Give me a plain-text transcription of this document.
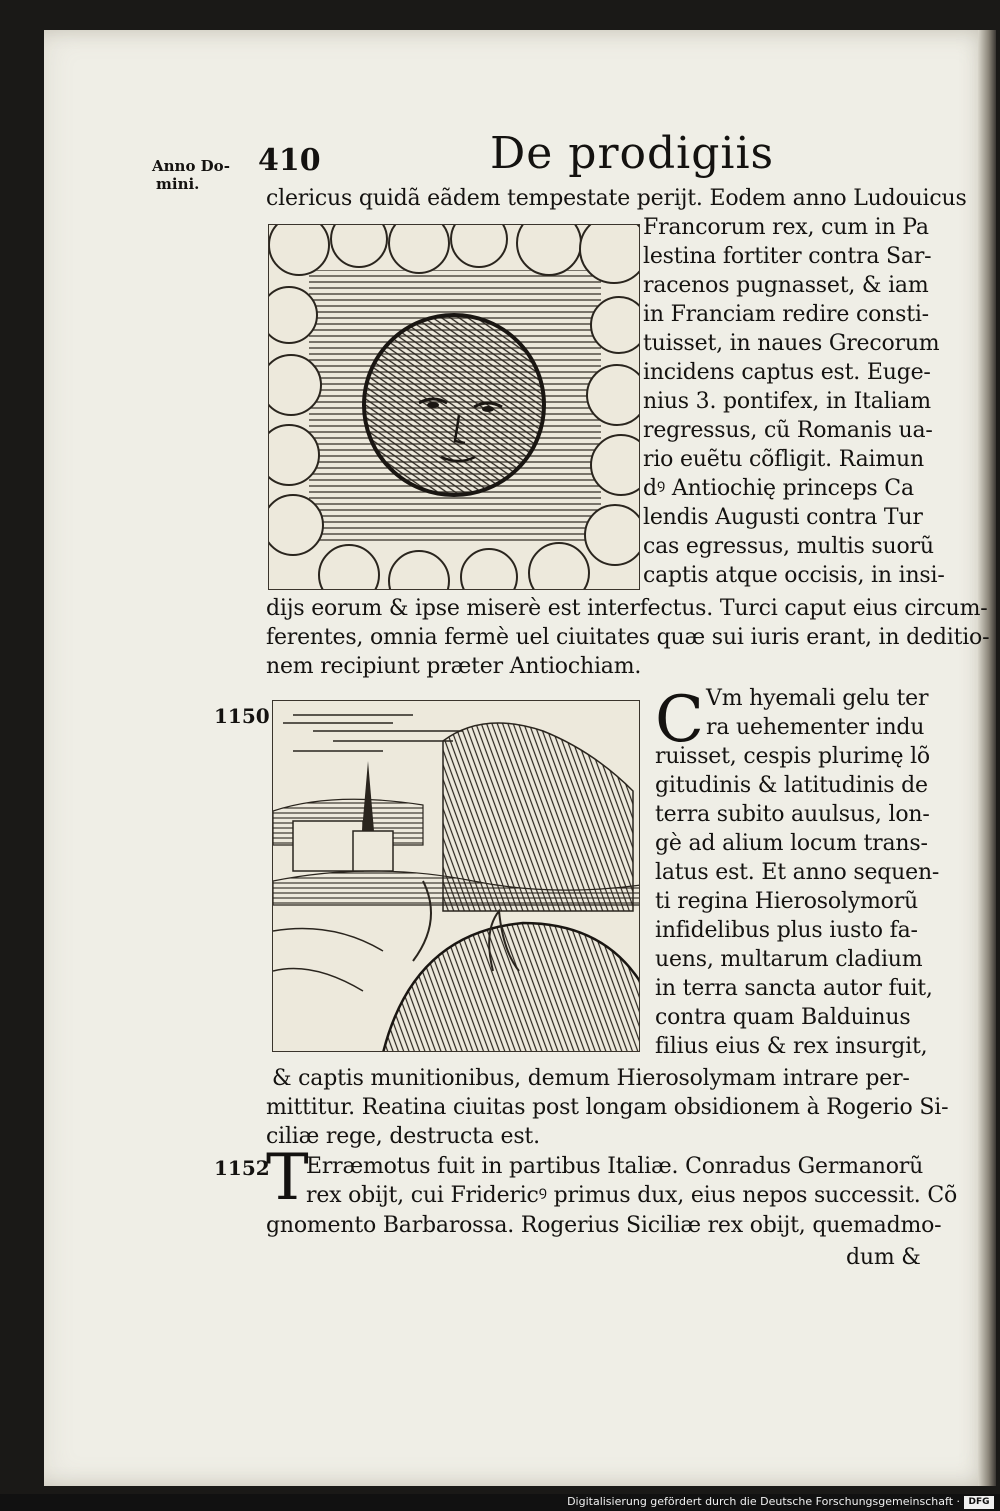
Anno Do-
mini.
410	De prodigiis
clericus quidã eãdem tempestate periјt. Eodem anno Ludouicus
Francorum rex, cum in Pa
lestina fortiter contra Sar-
racenos pugnasset, & iam
in Franciam redire consti-
tuisset, in naues Grecorum
incidens captus est. Euge-
nius 3. pontifex, in Italiam
regressus, cũ Romanis ua-
rio euẽtu cõfligit. Raimun
dꝰ Antiochię princeps Ca
lendis Augusti contra Tur
cas egressus, multis suorũ
captis atque occisis, in insi-
dijs eorum & ipse miserè est interfectus. Turci caput eius circum-
ferentes, omnia fermè uel ciuitates quæ sui iuris erant, in deditio-
nem recipiunt præter Antiochiam.
1150	C Vm hyemali gelu ter
ra uehementer indu
ruisset, cespis plurimę lõ
gitudinis & latitudinis de
terra subito auulsus, lon-
gè ad alium locum trans-
latus est. Et anno sequen-
ti regina Hierosolymorũ
infidelibus plus iusto fa-
uens, multarum cladium
in terra sancta autor fuit,
contra quam Balduinus
filius eius & rex insurgit,
& captis munitionibus, demum Hierosolymam intrare per-
mittitur. Reatina ciuitas post longam obsidionem à Rogerio Si-
ciliæ rege, destructa est.
1152
T
Erræmotus fuit in partibus Italiæ. Conradus Germanorũ
rex obijt, cui Fridericꝰ primus dux, eius nepos successit. Cõ
gnomento Barbarossa. Rogerius Siciliæ rex obijt, quemadmo-
dum &
Digitalisierung gefördert durch die Deutsche Forschungsgemeinschaft · DFG
